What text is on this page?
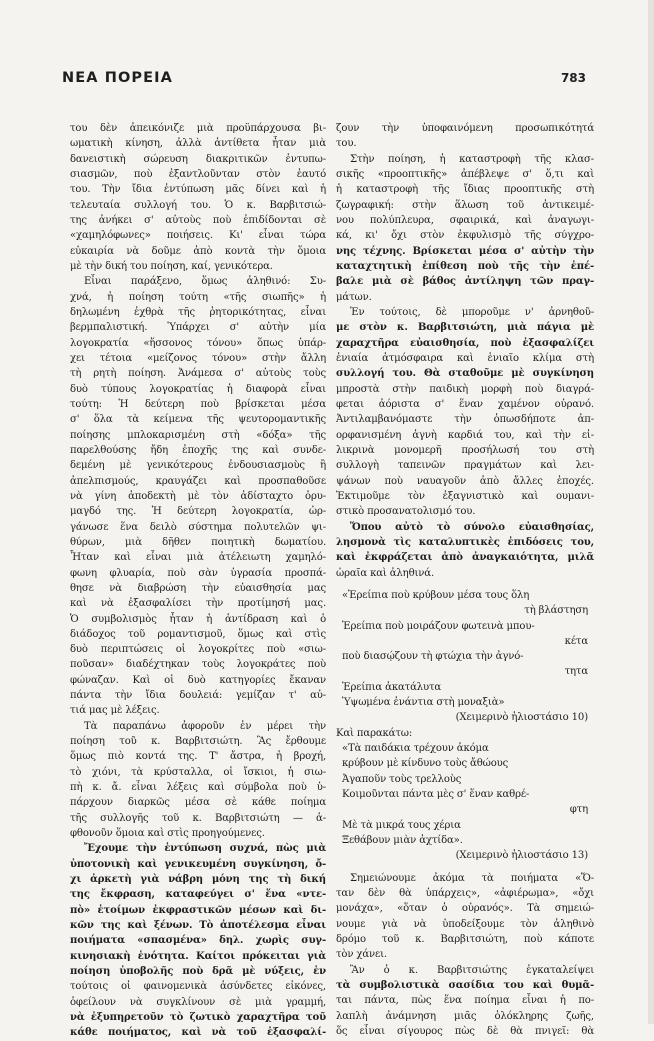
ΝΕΑ ΠΟΡΕΙΑ	783
του δὲν ἀπεικόνιζε μιὰ προϋπάρχουσα βι-
ωματικὴ κίνηση, ἀλλὰ ἀντίθετα ἦταν μιὰ
δανειστικὴ σώρευση διακριτικῶν ἐντυπω-
σιασμῶν, ποὺ ἐξαντλοῦνταν στὸν ἑαυτό
του. Τὴν ἴδια ἐντύπωση μᾶς δίνει καὶ ἡ
τελευταία συλλογή του. Ὁ κ. Βαρβιτσιώ-
της ἀνήκει σ' αὐτοὺς ποὺ ἐπιδίδονται σὲ
«χαμηλόφωνες» ποιήσεις. Κι' εἶναι τώρα
εὐκαιρία νὰ δοῦμε ἀπὸ κοντὰ τὴν ὅμοια
μὲ τὴν δική του ποίηση, καί, γενικότερα.
Εἶναι παράξενο, ὅμως ἀληθινό: Συ-
χνά, ἡ ποίηση τούτη «τῆς σιωπῆς» ἡ
δηλωμένη ἐχθρὰ τῆς ῥητορικότητας, εἶναι
βερμπαλιστική. Ὑπάρχει σ' αὐτὴν μία
λογοκρατία «ἥσσονος τόνου» ὅπως ὑπάρ-
χει τέτοια «μείζονος τόνου» στὴν ἄλλη
τὴ ρητὴ ποίηση. Ἀνάμεσα σ' αὐτοὺς τοὺς
δυὸ τύπους λογοκρατίας ἡ διαφορὰ εἶναι
τούτη: Ἡ δεύτερη ποὺ βρίσκεται μέσα
σ' ὅλα τὰ κείμενα τῆς ψευτορομαντικῆς
ποίησης μπλοκαρισμένη στὴ «δόξα» τῆς
παρελθούσης ἤδη ἐποχῆς της καὶ συνδε-
δεμένη μὲ γενικότερους ἐνδουσιασμοὺς ἢ
ἀπελπισμούς, κραυγάζει καὶ προσπαθοῦσε
νὰ γίνη ἀποδεκτὴ μὲ τὸν ἀδίσταχτο ὀρυ-
μαγδό της. Ἡ δεύτερη λογοκρατία, ὠρ-
γάνωσε ἕνα δειλὸ σύστημα πολυτελῶν ψι-
θύρων, μιὰ δῆθεν ποιητικὴ δωματίου.
Ἦταν καὶ εἶναι μιὰ ἀτέλειωτη χαμηλό-
φωνη φλυαρία, ποὺ σὰν ὑγρασία προσπά-
θησε νὰ διαβρώση τὴν εὐαισθησία μας
καὶ νὰ ἐξασφαλίσει τὴν προτίμησή μας.
Ὁ συμβολισμὸς ἦταν ἡ ἀντίδραση καὶ ὁ
διάδοχος τοῦ ρομαντισμοῦ, ὅμως καὶ στὶς
δυὸ περιπτώσεις οἱ λογοκρίτες ποὺ «σιω-
ποῦσαν» διαδέχτηκαν τοὺς λογοκράτες ποὺ
φώναζαν. Καὶ οἱ δυὸ κατηγορίες ἔκαναν
πάντα τὴν ἴδια δουλειά: γεμίζαν τ' αὐ-
τιά μας μὲ λέξεις.
Τὰ παραπάνω ἀφοροῦν ἐν μέρει τὴν
ποίηση τοῦ κ. Βαρβιτσιώτη. Ἂς ἔρθουμε
ὅμως πιὸ κοντά της. Τ' ἄστρα, ἡ βροχή,
τὸ χιόνι, τὰ κρύσταλλα, οἱ ἴσκιοι, ἡ σιω-
πὴ κ. ἄ. εἶναι λέξεις καὶ σύμβολα ποὺ ὑ-
πάρχουν διαρκῶς μέσα σὲ κάθε ποίημα
τῆς συλλογῆς τοῦ κ. Βαρβιτσιώτη — ἀ-
φθονοῦν ὅμοια καὶ στὶς προηγούμενες.
Ἔχουμε τὴν ἐντύπωση συχνά, πὼς μιὰ
ὑποτονικὴ καὶ γενικευμένη συγκίνηση, ὄ-
χι ἀρκετὴ γιὰ νάβρη μόνη της τὴ δική
της ἔκφραση, καταφεύγει σ' ἕνα «ντε-
πὸ» ἑτοίμων ἐκφραστικῶν μέσων καὶ δι-
κῶν της καὶ ξένων. Τὸ ἀποτέλεσμα εἶναι
ποιήματα «σπασμένα» δηλ. χωρὶς συγ-
κινησιακὴ ἑνότητα. Καίτοι πρόκειται γιὰ
ποίηση ὑποβολῆς ποὺ δρᾶ μὲ νύξεις, ἐν
τούτοις οἱ φαινομενικὰ ἀσύνδετες εἰκόνες,
ὀφείλουν νὰ συγκλίνουν σὲ μιὰ γραμμή,
νὰ ἐξυπηρετοῦν τὸ ζωτικὸ χαραχτῆρα τοῦ
κάθε ποιήματος, καὶ νὰ τοῦ ἐξασφαλί-
ζουν τὴν ὑποφαινόμενη προσωπικότητά
του.
Στὴν ποίηση, ἡ καταστροφὴ τῆς κλασ-
σικῆς «προοπτικῆς» ἀπέβλεψε σ' ὅ,τι καὶ
ἡ καταστροφὴ τῆς ἴδιας προοπτικῆς στὴ
ζωγραφική: στὴν ἅλωση τοῦ ἀντικειμέ-
νου πολύπλευρα, σφαιρικά, καὶ ἀναγωγι-
κά, κι' ὄχι στὸν ἐκφυλισμὸ τῆς σύγχρο-
νης τέχνης. Βρίσκεται μέσα σ' αὐτὴν τὴν
καταχτητικὴ ἐπίθεση ποὺ τῆς τὴν ἐπέ-
βαλε μιὰ σὲ βάθος ἀντίληψη τῶν πραγ-
μάτων.
Ἐν τούτοις, δὲ μποροῦμε ν' ἀρνηθοῦ-
με στὸν κ. Βαρβιτσιώτη, μιὰ πάγια μὲ
χαραχτῆρα εὐαισθησία, ποὺ ἐξασφαλίζει
ἑνιαία ἀτμόσφαιρα καὶ ἑνιαῖο κλίμα στὴ
συλλογή του. Θὰ σταθοῦμε μὲ συγκίνηση
μπροστὰ στὴν παιδικὴ μορφὴ ποὺ διαγρά-
φεται ἀόριστα σ' ἕναν χαμένον οὐρανό.
Ἀντιλαμβανόμαστε τὴν ὁπωσδήποτε ἀπ-
ορφανισμένη ἁγνὴ καρδιά του, καὶ τὴν εἰ-
λικρινὰ μονομερῆ προσήλωσή του στὴ
συλλογὴ ταπεινῶν πραγμάτων καὶ λει-
ψάνων ποὺ ναυαγοῦν ἀπὸ ἄλλες ἐποχές.
Ἐκτιμοῦμε τὸν ἐξαγνιστικὸ καὶ ουμανι-
στικὸ προσανατολισμό του.
Ὅπου αὐτὸ τὸ σύνολο εὐαισθησίας,
λησμονὰ τὶς καταλυπτικὲς ἐπιδόσεις του,
καὶ ἐκφράζεται ἀπὸ ἀναγκαιότητα, μιλᾶ
ὡραῖα καὶ ἀληθινά.
«Ἐρείπια ποὺ κρύβουν μέσα τους ὅλη
τὴ βλάστηση
Ἐρείπια ποὺ μοιράζουν φωτεινὰ μπου-
κέτα
ποὺ διασῴζουν τὴ φτώχια τὴν ἀγνό-
τητα
Ἐρείπια ἀκατάλυτα
Ὑψωμένα ἐνάντια στὴ μοναξιὰ»
(Χειμερινὸ ἡλιοστάσιο 10)
Καὶ παρακάτω:
«Τὰ παιδάκια τρέχουν ἀκόμα
κρύβουν μὲ κίνδυνο τοὺς ἄθώους
Ἀγαποῦν τοὺς τρελλοὺς
Κοιμοῦνται πάντα μὲς σ' ἕναν καθρέ-
φτη
Μὲ τὰ μικρά τους χέρια
Ξεθάβουν μιὰν ἀχτίδα».
(Χειμερινὸ ἡλιοστάσιο 13)
Σημειώνουμε ἀκόμα τὰ ποιήματα «Ὅ-
ταν δὲν θὰ ὑπάρχεις», «ἀφιέρωμα», «ὄχι
μονάχα», «ὅταν ὁ οὐρανός». Τὰ σημειώ-
νουμε γιὰ νὰ ὑποδείξουμε τὸν ἀληθινὸ
δρόμο τοῦ κ. Βαρβιτσιώτη, ποὺ κάποτε
τὸν χάνει.
Ἂν ὁ κ. Βαρβιτσιώτης ἐγκαταλείψει
τὰ συμβολιστικὰ σασίδια του καὶ θυμᾶ-
ται πάντα, πὼς ἕνα ποίημα εἶναι ἡ πο-
λαπλὴ ἀνάμνηση μιᾶς ὁλόκληρης ζωῆς,
ὅς εἶναι σίγουρος πὼς δὲ θὰ πνιγεῖ: θὰ
